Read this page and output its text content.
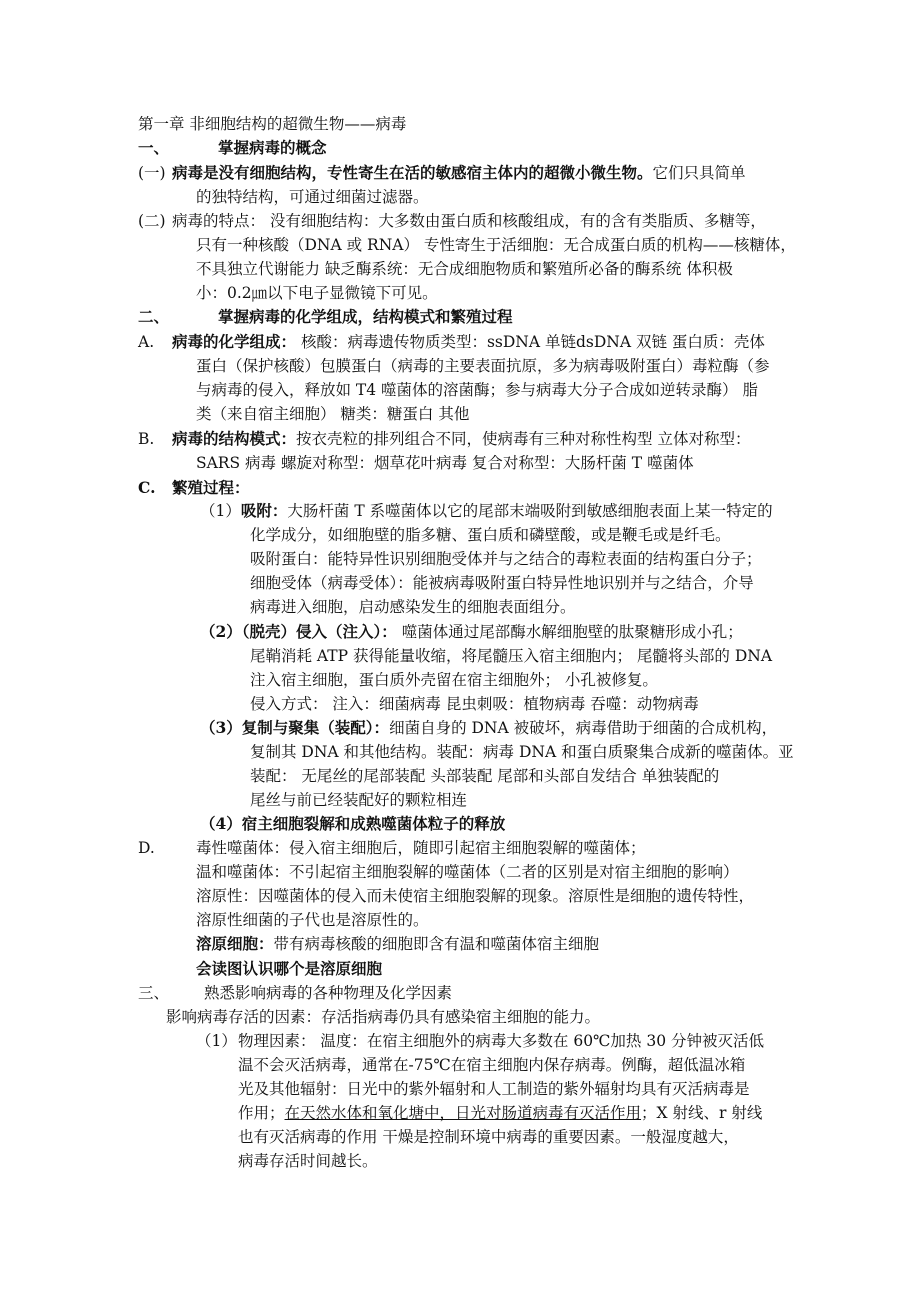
第一章 非细胞结构的超微生物——病毒
一、	掌握病毒的概念
(一) 病毒是没有细胞结构，专性寄生在活的敏感宿主体内的超微小微生物。它们只具简单
的独特结构，可通过细菌过滤器。
(二) 病毒的特点： 没有细胞结构：大多数由蛋白质和核酸组成，有的含有类脂质、多糖等，
只有一种核酸（DNA 或 RNA） 专性寄生于活细胞：无合成蛋白质的机构——核糖体，
不具独立代谢能力 缺乏酶系统：无合成细胞物质和繁殖所必备的酶系统 体积极
小：0.2㎛以下电子显微镜下可见。
二、	掌握病毒的化学组成，结构模式和繁殖过程
A. 病毒的化学组成： 核酸：病毒遗传物质类型：ssDNA 单链dsDNA 双链 蛋白质：壳体
蛋白（保护核酸）包膜蛋白（病毒的主要表面抗原，多为病毒吸附蛋白）毒粒酶（参
与病毒的侵入，释放如 T4 噬菌体的溶菌酶；参与病毒大分子合成如逆转录酶） 脂
类（来自宿主细胞） 糖类：糖蛋白 其他
B. 病毒的结构模式：按衣壳粒的排列组合不同，使病毒有三种对称性构型 立体对称型：
SARS 病毒 螺旋对称型：烟草花叶病毒 复合对称型：大肠杆菌 T 噬菌体
C. 繁殖过程：
（1）吸附：大肠杆菌 T 系噬菌体以它的尾部末端吸附到敏感细胞表面上某一特定的
化学成分，如细胞壁的脂多糖、蛋白质和磷壁酸，或是鞭毛或是纤毛。
吸附蛋白：能特异性识别细胞受体并与之结合的毒粒表面的结构蛋白分子；
细胞受体（病毒受体）：能被病毒吸附蛋白特异性地识别并与之结合，介导
病毒进入细胞，启动感染发生的细胞表面组分。
（2）（脱壳）侵入（注入）： 噬菌体通过尾部酶水解细胞壁的肽聚糖形成小孔；
尾鞘消耗 ATP 获得能量收缩，将尾髓压入宿主细胞内； 尾髓将头部的 DNA
注入宿主细胞，蛋白质外壳留在宿主细胞外； 小孔被修复。
侵入方式： 注入：细菌病毒 昆虫刺吸：植物病毒 吞噬：动物病毒
（3）复制与聚集（装配）：细菌自身的 DNA 被破坏，病毒借助于细菌的合成机构，
复制其 DNA 和其他结构。装配：病毒 DNA 和蛋白质聚集合成新的噬菌体。亚
装配： 无尾丝的尾部装配 头部装配 尾部和头部自发结合 单独装配的
尾丝与前已经装配好的颗粒相连
（4）宿主细胞裂解和成熟噬菌体粒子的释放
D.	毒性噬菌体：侵入宿主细胞后，随即引起宿主细胞裂解的噬菌体；
温和噬菌体：不引起宿主细胞裂解的噬菌体（二者的区别是对宿主细胞的影响）
溶原性：因噬菌体的侵入而未使宿主细胞裂解的现象。溶原性是细胞的遗传特性，
溶原性细菌的子代也是溶原性的。
溶原细胞：带有病毒核酸的细胞即含有温和噬菌体宿主细胞
会读图认识哪个是溶原细胞
三、 熟悉影响病毒的各种物理及化学因素
影响病毒存活的因素：存活指病毒仍具有感染宿主细胞的能力。
（1）物理因素： 温度：在宿主细胞外的病毒大多数在 60℃加热 30 分钟被灭活低
温不会灭活病毒，通常在-75℃在宿主细胞内保存病毒。例酶，超低温冰箱
光及其他辐射：日光中的紫外辐射和人工制造的紫外辐射均具有灭活病毒是
作用；在天然水体和氧化塘中，日光对肠道病毒有灭活作用；X 射线、r 射线
也有灭活病毒的作用 干燥是控制环境中病毒的重要因素。一般湿度越大，
病毒存活时间越长。
